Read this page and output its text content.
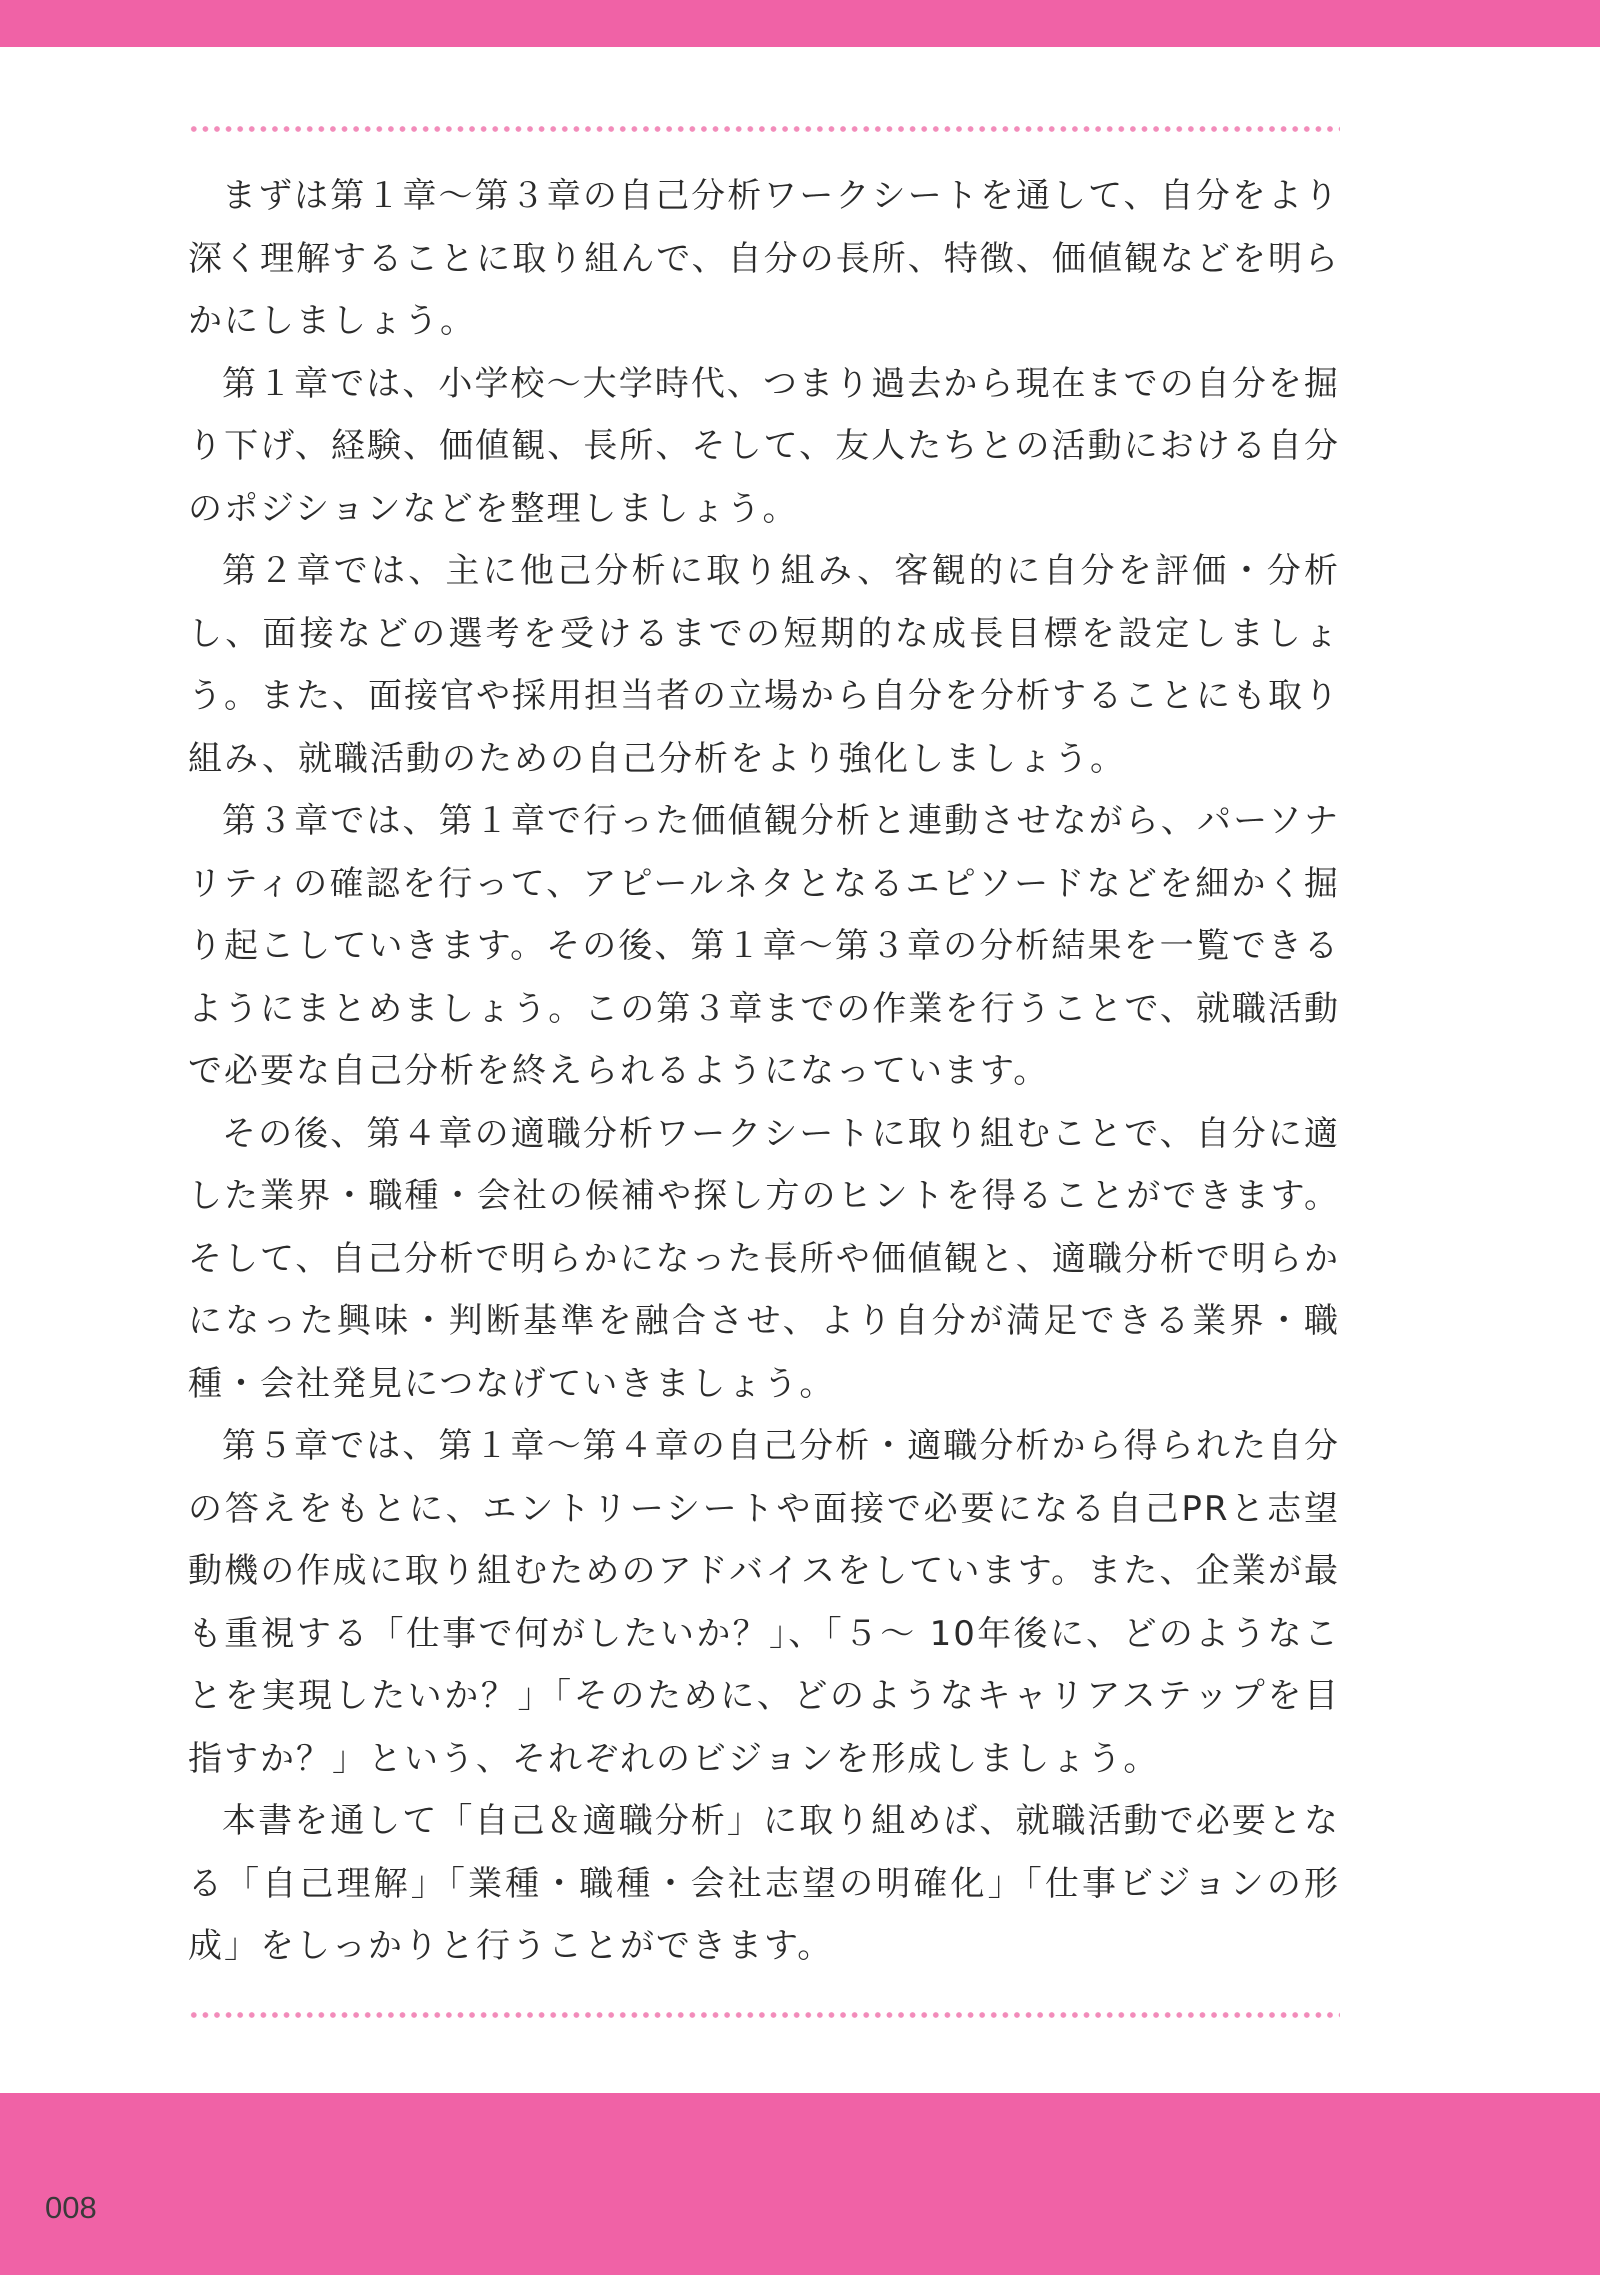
まずは第１章〜第３章の自己分析ワークシートを通して、自分をより深く理解することに取り組んで、自分の長所、特徴、価値観などを明らかにしましょう。

第１章では、小学校〜大学時代、つまり過去から現在までの自分を掘り下げ、経験、価値観、長所、そして、友人たちとの活動における自分のポジションなどを整理しましょう。

第２章では、主に他己分析に取り組み、客観的に自分を評価・分析し、面接などの選考を受けるまでの短期的な成長目標を設定しましょう。また、面接官や採用担当者の立場から自分を分析することにも取り組み、就職活動のための自己分析をより強化しましょう。

第３章では、第１章で行った価値観分析と連動させながら、パーソナリティの確認を行って、アピールネタとなるエピソードなどを細かく掘り起こしていきます。その後、第１章〜第３章の分析結果を一覧できるようにまとめましょう。この第３章までの作業を行うことで、就職活動で必要な自己分析を終えられるようになっています。

その後、第４章の適職分析ワークシートに取り組むことで、自分に適した業界・職種・会社の候補や探し方のヒントを得ることができます。そして、自己分析で明らかになった長所や価値観と、適職分析で明らかになった興味・判断基準を融合させ、より自分が満足できる業界・職種・会社発見につなげていきましょう。

第５章では、第１章〜第４章の自己分析・適職分析から得られた自分の答えをもとに、エントリーシートや面接で必要になる自己PRと志望動機の作成に取り組むためのアドバイスをしています。また、企業が最も重視する「仕事で何がしたいか？」、「５〜 10年後に、どのようなことを実現したいか？」「そのために、どのようなキャリアステップを目指すか？」という、それぞれのビジョンを形成しましょう。

本書を通して「自己＆適職分析」に取り組めば、就職活動で必要となる「自己理解」「業種・職種・会社志望の明確化」「仕事ビジョンの形成」をしっかりと行うことができます。

008
